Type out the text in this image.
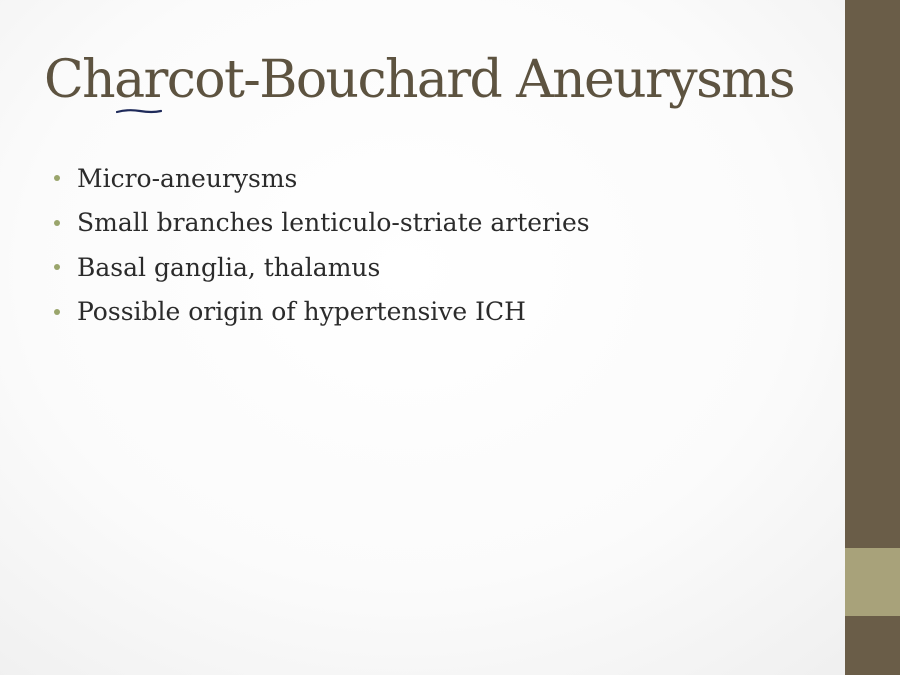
Charcot-Bouchard Aneurysms
Micro-aneurysms
Small branches lenticulo-striate arteries
Basal ganglia, thalamus
Possible origin of hypertensive ICH
